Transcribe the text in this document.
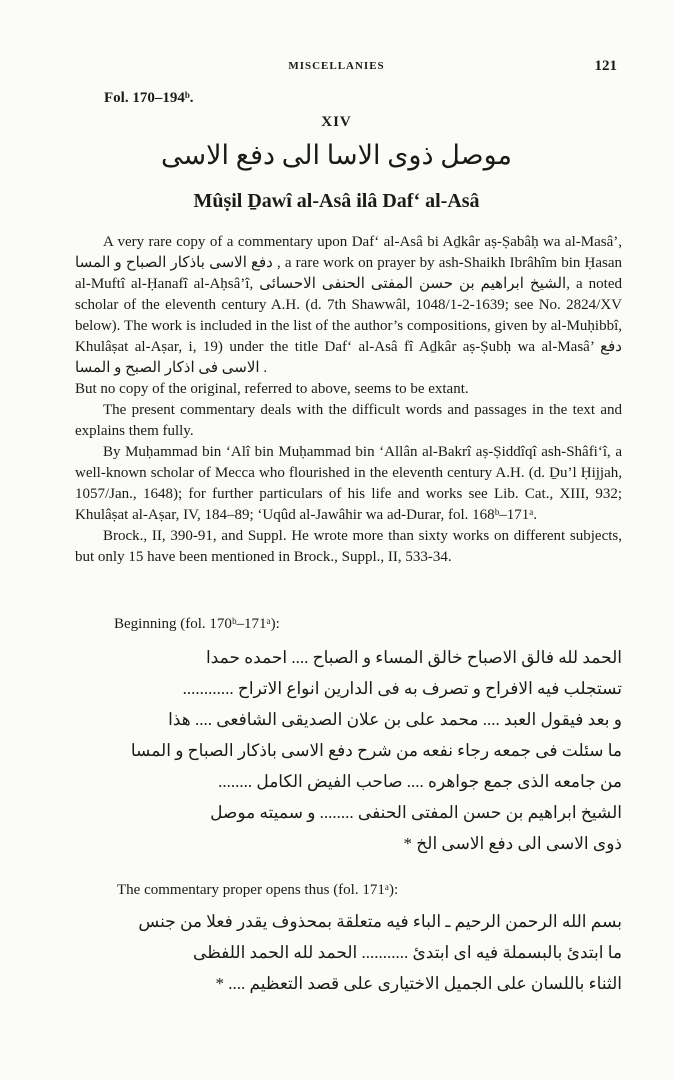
MISCELLANIES	121
Fol. 170–194ᵇ.
XIV
موصل ذوى الاسا الى دفع الاسى
Mûṣil Ḏawî al-Asâ ilâ Daf‘ al-Asâ

A very rare copy of a commentary upon Daf‘ al-Asâ bi Aḏkâr aṣ-Ṣabâḥ wa al-Masâ’, دفع الاسى باذكار الصباح و المسا , a rare work on prayer by ash-Shaikh Ibrâhîm bin Ḥasan al-Muftî al-Ḥanafî al-Aḥsâ’î, الشيخ ابراهيم بن حسن المفتى الحنفى الاحسائى, a noted scholar of the eleventh century A.H. (d. 7th Shawwâl, 1048/1-2-1639; see No. 2824/XV below). The work is included in the list of the author’s compositions, given by al-Muḥibbî, Khulâṣat al-Aṣar, i, 19) under the title Daf‘ al-Asâ fî Aḏkâr aṣ-Ṣubḥ wa al-Masâ’ دفع الاسى فى اذكار الصبح و المسا .

But no copy of the original, referred to above, seems to be extant.

The present commentary deals with the difficult words and passages in the text and explains them fully.

By Muḥammad bin ‘Alî bin Muḥammad bin ‘Allân al-Bakrî aṣ-Ṣiddîqî ash-Shâfi‘î, a well-known scholar of Mecca who flourished in the eleventh century A.H. (d. Ḏu’l Ḥijjah, 1057/Jan., 1648); for further particulars of his life and works see Lib. Cat., XIII, 932; Khulâṣat al-Aṣar, IV, 184–89; ‘Uqûd al-Jawâhir wa ad-Durar, fol. 168ᵇ–171ᵃ.

Brock., II, 390-91, and Suppl. He wrote more than sixty works on different subjects, but only 15 have been mentioned in Brock., Suppl., II, 533-34.

Beginning (fol. 170ᵇ–171ᵃ):
الحمد لله فالق الاصباح خالق المساء و الصباح .... احمده حمدا
تستجلب فيه الافراح و تصرف به فى الدارين انواع الاتراح ............
و بعد فيقول العبد .... محمد على بن علان الصديقى الشافعى .... هذا
ما سئلت فى جمعه رجاء نفعه من شرح دفع الاسى باذكار الصباح و المسا
من جامعه الذى جمع جواهره .... صاحب الفيض الكامل ........
الشيخ ابراهيم بن حسن المفتى الحنفى ........ و سميته موصل
ذوى الاسى الى دفع الاسى الخ *
The commentary proper opens thus (fol. 171ᵃ):
بسم الله الرحمن الرحيم ـ الباء فيه متعلقة بمحذوف يقدر فعلا من جنس
ما ابتدئ بالبسملة فيه اى ابتدئ ........... الحمد لله الحمد اللفظى
الثناء باللسان على الجميل الاختيارى على قصد التعظيم .... *
